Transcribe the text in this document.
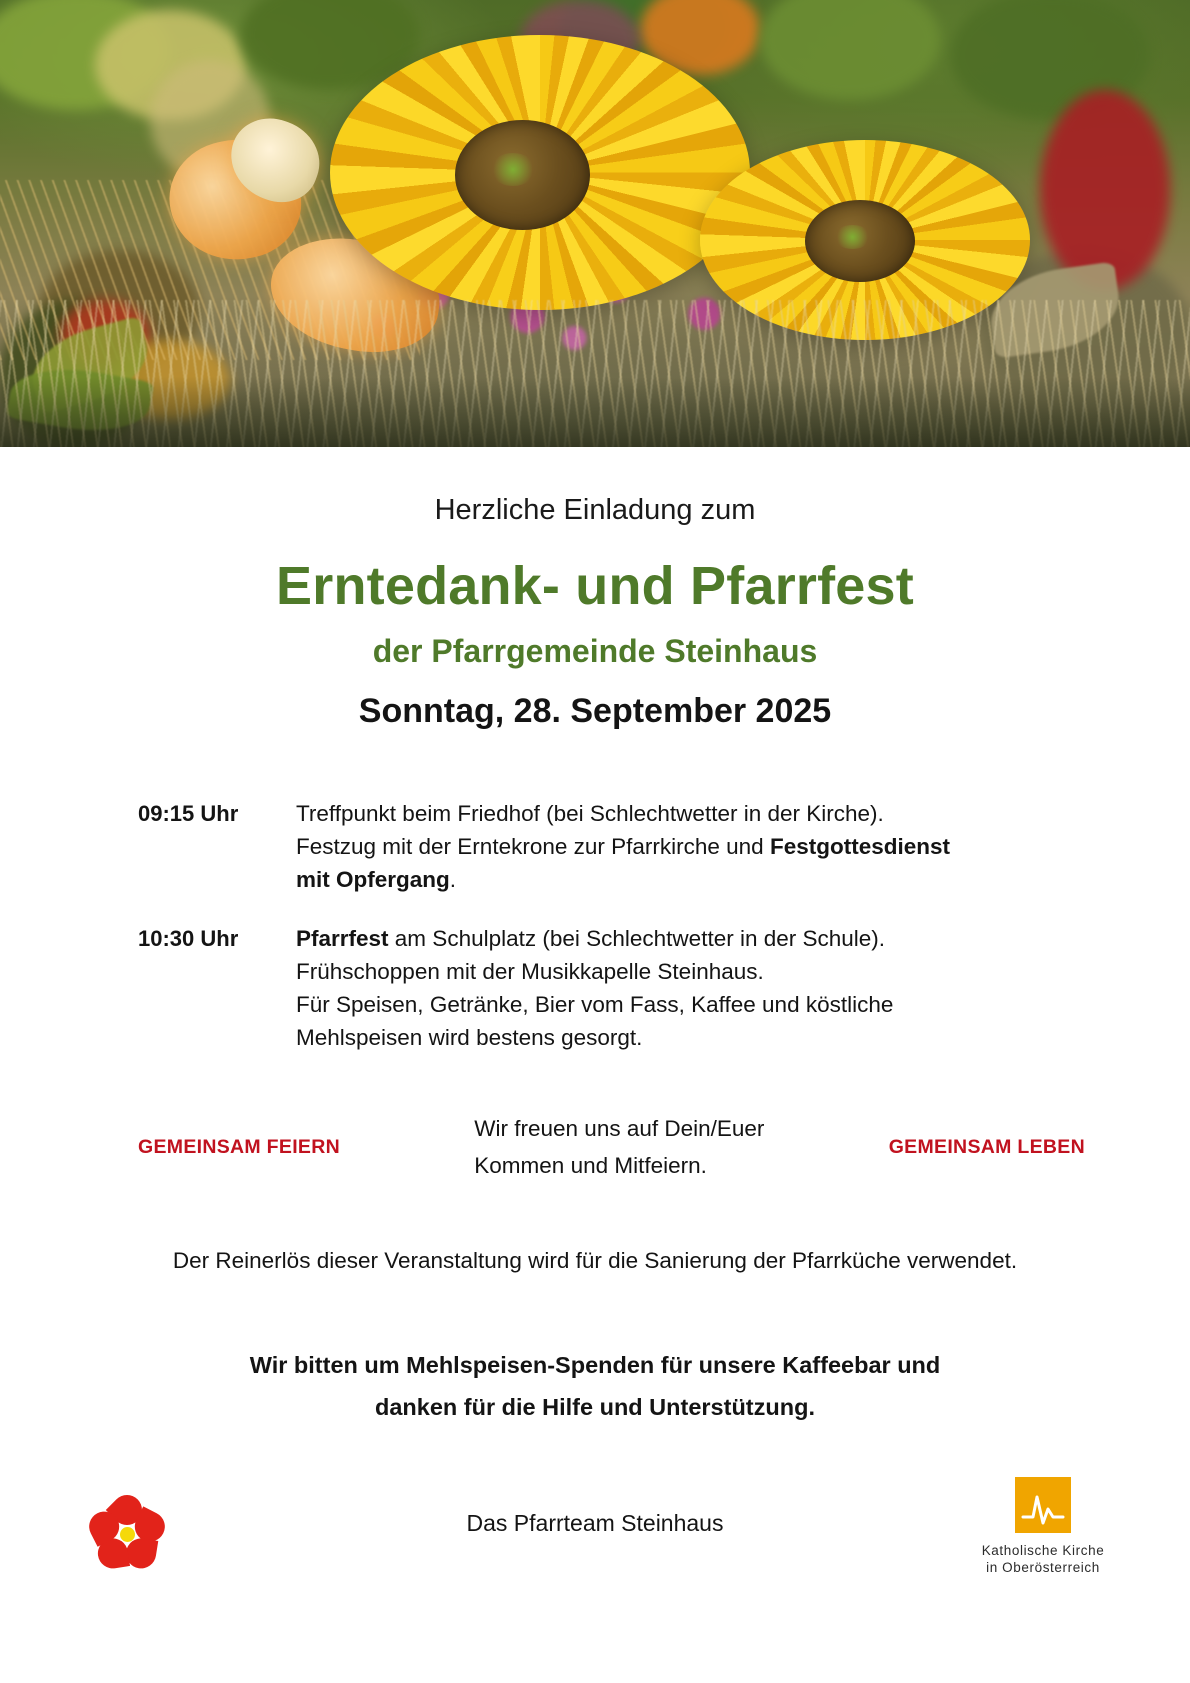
Herzliche Einladung zum
Erntedank- und Pfarrfest
der Pfarrgemeinde Steinhaus
Sonntag, 28. September 2025
09:15 Uhr	Treffpunkt beim Friedhof (bei Schlechtwetter in der Kirche).
Festzug mit der Erntekrone zur Pfarrkirche und Festgottesdienst
mit Opfergang.
10:30 Uhr	Pfarrfest am Schulplatz (bei Schlechtwetter in der Schule).
Frühschoppen mit der Musikkapelle Steinhaus.
Für Speisen, Getränke, Bier vom Fass, Kaffee und köstliche
Mehlspeisen wird bestens gesorgt.
GEMEINSAM FEIERN
Wir freuen uns auf Dein/Euer
Kommen und Mitfeiern.
GEMEINSAM LEBEN
Der Reinerlös dieser Veranstaltung wird für die Sanierung der Pfarrküche verwendet.
Wir bitten um Mehlspeisen-Spenden für unsere Kaffeebar und
danken für die Hilfe und Unterstützung.
Das Pfarrteam Steinhaus
Katholische Kirche
in Oberösterreich
